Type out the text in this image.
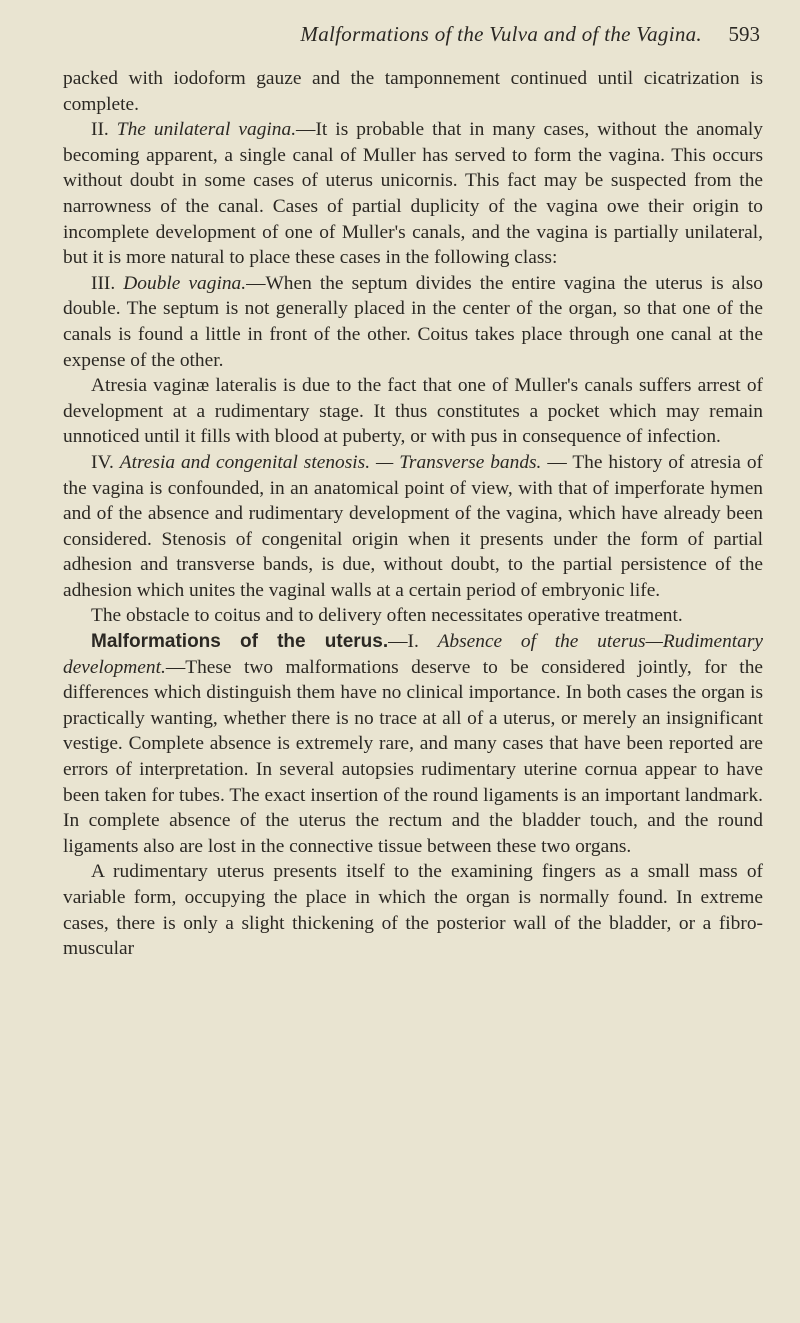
Malformations of the Vulva and of the Vagina. 593

packed with iodoform gauze and the tamponnement continued until cicatrization is complete.

II. The unilateral vagina.—It is probable that in many cases, without the anomaly becoming apparent, a single canal of Muller has served to form the vagina. This occurs without doubt in some cases of uterus unicornis. This fact may be suspected from the narrowness of the canal. Cases of partial duplicity of the vagina owe their origin to incomplete development of one of Muller's canals, and the vagina is partially unilateral, but it is more natural to place these cases in the following class:

III. Double vagina.—When the septum divides the entire vagina the uterus is also double. The septum is not generally placed in the center of the organ, so that one of the canals is found a little in front of the other. Coitus takes place through one canal at the expense of the other.

Atresia vaginæ lateralis is due to the fact that one of Muller's canals suffers arrest of development at a rudimentary stage. It thus constitutes a pocket which may remain unnoticed until it fills with blood at puberty, or with pus in consequence of infection.

IV. Atresia and congenital stenosis. — Transverse bands. — The history of atresia of the vagina is confounded, in an anatomical point of view, with that of imperforate hymen and of the absence and rudimentary development of the vagina, which have already been considered. Stenosis of congenital origin when it presents under the form of partial adhesion and transverse bands, is due, without doubt, to the partial persistence of the adhesion which unites the vaginal walls at a certain period of embryonic life.

The obstacle to coitus and to delivery often necessitates operative treatment.

Malformations of the uterus.—I. Absence of the uterus—Rudimentary development.—These two malformations deserve to be considered jointly, for the differences which distinguish them have no clinical importance. In both cases the organ is practically wanting, whether there is no trace at all of a uterus, or merely an insignificant vestige. Complete absence is extremely rare, and many cases that have been reported are errors of interpretation. In several autopsies rudimentary uterine cornua appear to have been taken for tubes. The exact insertion of the round ligaments is an important landmark. In complete absence of the uterus the rectum and the bladder touch, and the round ligaments also are lost in the connective tissue between these two organs.

A rudimentary uterus presents itself to the examining fingers as a small mass of variable form, occupying the place in which the organ is normally found. In extreme cases, there is only a slight thickening of the posterior wall of the bladder, or a fibro-muscular
